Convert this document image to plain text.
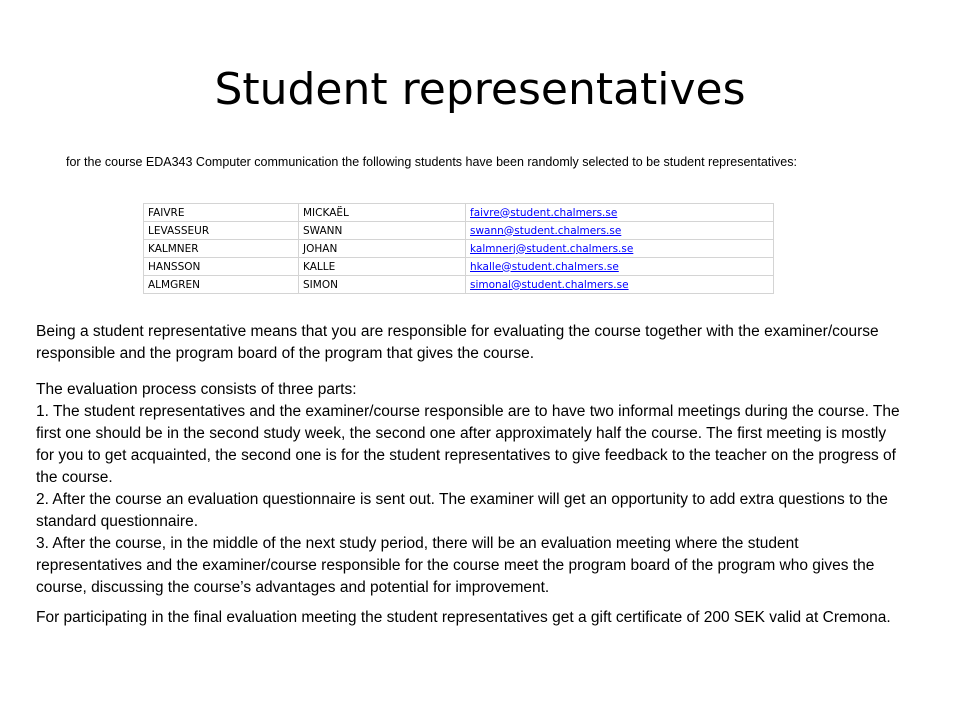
Student representatives

for the course EDA343 Computer communication the following students have been randomly selected to be student representatives:

FAIVRE	MICKAËL	faivre@student.chalmers.se
LEVASSEUR	SWANN	swann@student.chalmers.se
KALMNER	JOHAN	kalmnerj@student.chalmers.se
HANSSON	KALLE	hkalle@student.chalmers.se
ALMGREN	SIMON	simonal@student.chalmers.se

Being a student representative means that you are responsible for evaluating the course together with the examiner/course responsible and the program board of the program that gives the course.

The evaluation process consists of three parts:

1. The student representatives and the examiner/course responsible are to have two informal meetings during the course. The first one should be in the second study week, the second one after approximately half the course. The first meeting is mostly for you to get acquainted, the second one is for the student representatives to give feedback to the teacher on the progress of the course.

2. After the course an evaluation questionnaire is sent out. The examiner will get an opportunity to add extra questions to the standard questionnaire.

3. After the course, in the middle of the next study period, there will be an evaluation meeting where the student representatives and the examiner/course responsible for the course meet the program board of the program who gives the course, discussing the course’s advantages and potential for improvement.

For participating in the final evaluation meeting the student representatives get a gift certificate of 200 SEK valid at Cremona.
